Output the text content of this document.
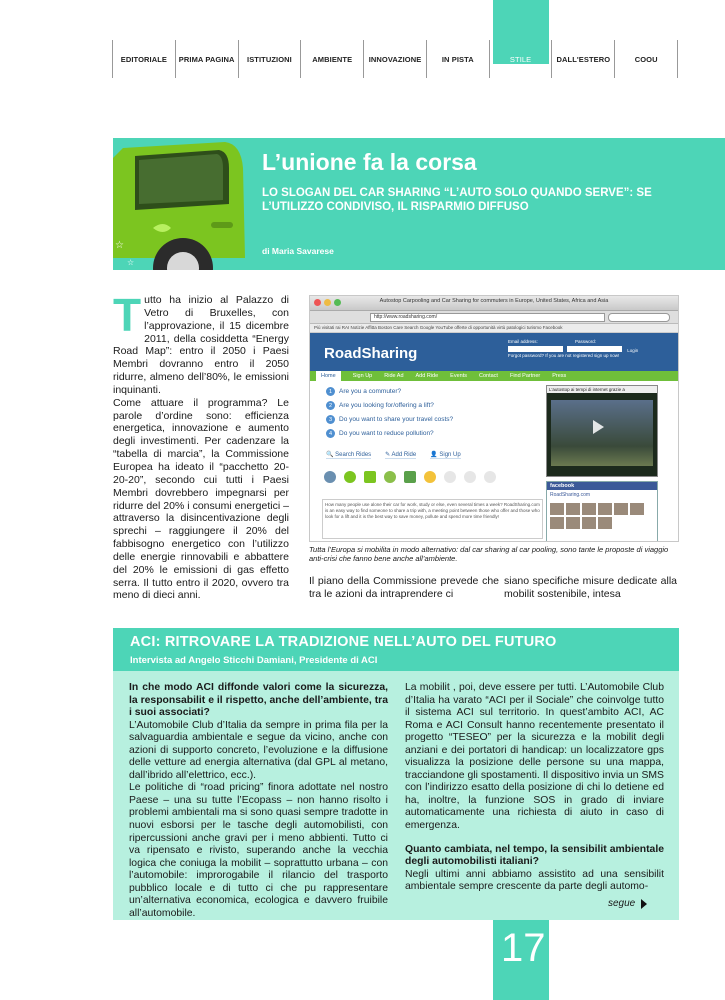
EDITORIALE	PRIMA PAGINA	ISTITUZIONI	AMBIENTE	INNOVAZIONE	IN PISTA	STILE	DALL'ESTERO	COOU
☆
☆
L’unione fa la corsa

LO SLOGAN DEL CAR SHARING “L’AUTO SOLO QUANDO SERVE”: SE L’UTILIZZO CONDIVISO, IL RISPARMIO DIFFUSO

di Maria Savarese
T utto ha inizio al Palazzo di Vetro di Bruxelles, con l’approvazione, il 15 dicembre 2011, della cosiddetta “Energy Road Map”: entro il 2050 i Paesi Membri dovranno entro il 2050 ridurre, almeno dell’80%, le emissioni inquinanti.
Come attuare il programma? Le parole d’ordine sono: efficienza energetica, innovazione e aumento degli investimenti. Per cadenzare la “tabella di marcia”, la Commissione Europea ha ideato il “pacchetto 20-20-20”, secondo cui tutti i Paesi Membri dovrebbero impegnarsi per ridurre del 20% i consumi energetici – attraverso la disincentivazione degli sprechi – raggiungere il 20% del fabbisogno energetico con l’utilizzo delle energie rinnovabili e abbattere del 20% le emissioni di gas effetto serra. Il tutto entro il 2020, ovvero tra meno di dieci anni.
Autostop Carpooling and Car Sharing for commuters in Europe, United States, Africa and Asia
http://www.roadsharing.com/
Più visitati rai RAI Notizie Affitta Boston Care Search Google YouTube offerte di opportunità virtù patologici turismo Facebook
RoadSharing
Email address:	Password:
Login
Forgot password? If you are not registered sign up now!
Home	Sign Up Ride Ad Add Ride Events Contact Find Partner Press
1	Are you a commuter?
2	Are you looking for/offering a lift?
3	Do you want to share your travel costs?
4	Do you want to reduce pollution?
🔍 Search Rides ✎ Add Ride 👤 Sign Up
How many people use alone their car for work, study or else, even several times a week? RoadSharing.com is an easy way to find someone to share a trip with, a meeting point between those who offer and those who look for a lift and it is the best way to save money, pollute and spend more time friendly!
L'autostop ai tempi di internet grazie a
facebook
RoadSharing.com

Tutta l’Europa si mobilita in modo alternativo: dal car sharing al car pooling, sono tante le proposte di viaggio anti-crisi che fanno bene anche all’ambiente.

Il piano della Commissione prevede che tra le azioni da intraprendere ci

siano specifiche misure dedicate alla mobilit sostenibile, intesa

ACI: RITROVARE LA TRADIZIONE NELL’AUTO DEL FUTURO

Intervista ad Angelo Sticchi Damiani, Presidente di ACI

In che modo ACI diffonde valori come la sicurezza, la responsabilit e il rispetto, anche dell’ambiente, tra i suoi associati?
L’Automobile Club d’Italia da sempre in prima fila per la salvaguardia ambientale e segue da vicino, anche con azioni di supporto concreto, l’evoluzione e la diffusione delle vetture ad energia alternativa (dal GPL al metano, dall’ibrido all’elettrico, ecc.).
Le politiche di “road pricing” finora adottate nel nostro Paese – una su tutte l’Ecopass – non hanno risolto i problemi ambientali ma si sono quasi sempre tradotte in nuovi esborsi per le tasche degli automobilisti, con ripercussioni anche gravi per i meno abbienti. Tutto ci va ripensato e rivisto, superando anche la vecchia logica che coniuga la mobilit – soprattutto urbana – con l’automobile: improrogabile il rilancio del trasporto pubblico locale e di tutto ci che pu rappresentare un’alternativa economica, ecologica e davvero fruibile all’automobile.
La mobilit , poi, deve essere per tutti. L’Automobile Club d’Italia ha varato “ACI per il Sociale” che coinvolge tutto il sistema ACI sul territorio. In quest’ambito ACI, AC Roma e ACI Consult hanno recentemente presentato il progetto “TESEO” per la sicurezza e la mobilit degli anziani e dei portatori di handicap: un localizzatore gps visualizza la posizione delle persone su una mappa, tracciandone gli spostamenti. Il dispositivo invia un SMS con l’indirizzo esatto della posizione di chi lo detiene ed ha, inoltre, la funzione SOS in grado di inviare automaticamente una richiesta di aiuto in caso di emergenza.
Quanto cambiata, nel tempo, la sensibilit ambientale degli automobilisti italiani?
Negli ultimi anni abbiamo assistito ad una sensibilit ambientale sempre crescente da parte degli automo-
segue
17
